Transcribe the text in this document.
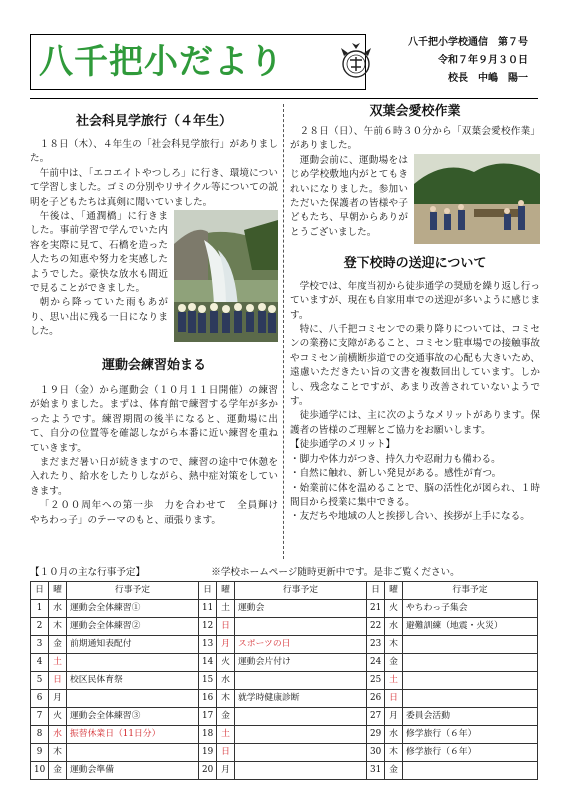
八千把小だより	八千把小学校通信　第７号
令和７年９月３０日
校長　中嶋　陽一
社会科見学旅行（４年生）

１８日（木）、４年生の「社会科見学旅行」がありました。

午前中は、「エコエイトやつしろ」に行き、環境について学習しました。ゴミの分別やリサイクル等についての説明を子どもたちは真剣に聞いていました。

午後は、「通潤橋」に行きました。事前学習で学んでいた内容を実際に見て、石橋を造った人たちの知恵や努力を実感したようでした。豪快な放水も間近で見ることができました。

朝から降っていた雨もあがり、思い出に残る一日になりました。

運動会練習始まる

１９日（金）から運動会（１０月１１日開催）の練習が始まりました。まずは、体育館で練習する学年が多かったようです。練習期間の後半になると、運動場に出て、自分の位置等を確認しながら本番に近い練習を重ねていきます。

まだまだ暑い日が続きますので、練習の途中で休憩を入れたり、給水をしたりしながら、熱中症対策をしていきます。

「２００周年への第一歩　力を合わせて　全員輝け　やちわっ子」のテーマのもと、頑張ります。

双葉会愛校作業

２８日（日）、午前６時３０分から「双葉会愛校作業」がありました。

運動会前に、運動場をはじめ学校敷地内がとてもきれいになりました。参加いただいた保護者の皆様や子どもたち、早朝からありがとうございました。

登下校時の送迎について

学校では、年度当初から徒歩通学の奨励を繰り返し行っていますが、現在も自家用車での送迎が多いように感じます。

特に、八千把コミセンでの乗り降りについては、コミセンの業務に支障があること、コミセン駐車場での接触事故やコミセン前横断歩道での交通事故の心配も大きいため、遠慮いただきたい旨の文書を複数回出しています。しかし、残念なことですが、あまり改善されていないようです。

徒歩通学には、主に次のようなメリットがあります。保護者の皆様のご理解とご協力をお願いします。

【徒歩通学のメリット】

・脚力や体力がつき、持久力や忍耐力も備わる。

・自然に触れ、新しい発見がある。感性が育つ。

・始業前に体を温めることで、脳の活性化が図られ、１時間目から授業に集中できる。

・友だちや地域の人と挨拶し合い、挨拶が上手になる。

【１０月の主な行事予定】	※学校ホームページ随時更新中です。是非ご覧ください。
日	曜	行事予定	日	曜	行事予定	日	曜	行事予定
1	水	運動会全体練習①	11	土	運動会	21	火	やちわっ子集会
2	木	運動会全体練習②	12	日		22	水	避難訓練（地震・火災）
3	金	前期通知表配付	13	月	スポーツの日	23	木	
4	土		14	火	運動会片付け	24	金	
5	日	校区民体育祭	15	水		25	土	
6	月		16	木	就学時健康診断	26	日	
7	火	運動会全体練習③	17	金		27	月	委員会活動
8	水	振替休業日（11日分）	18	土		29	水	修学旅行（６年）
9	木		19	日		30	木	修学旅行（６年）
10	金	運動会準備	20	月		31	金	
